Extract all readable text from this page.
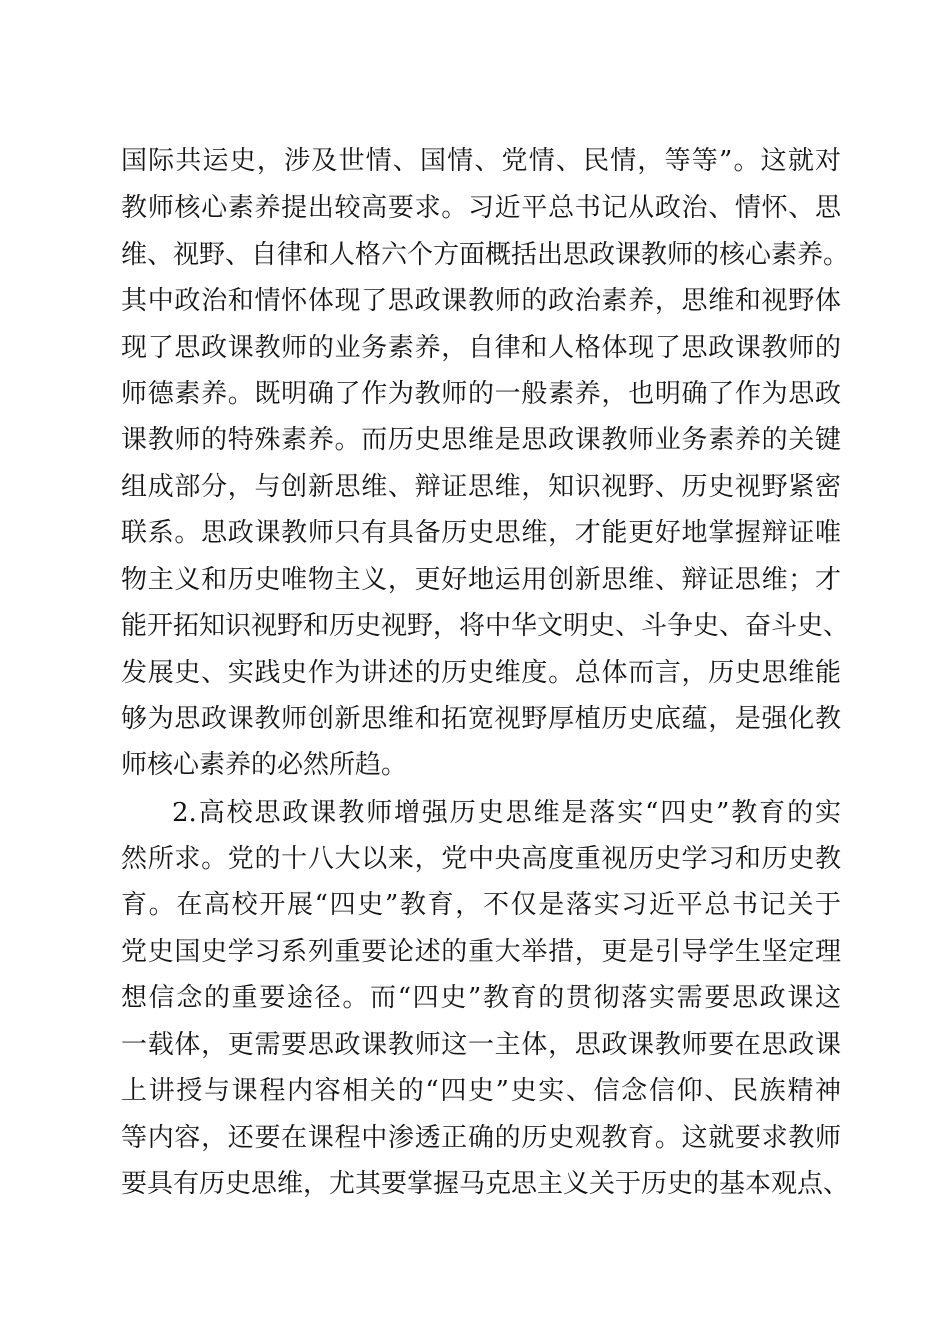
国际共运史，涉及世情、国情、党情、民情，等等”。这就对
教师核心素养提出较高要求。习近平总书记从政治、情怀、思
维、视野、自律和人格六个方面概括出思政课教师的核心素养。
其中政治和情怀体现了思政课教师的政治素养，思维和视野体
现了思政课教师的业务素养，自律和人格体现了思政课教师的
师德素养。既明确了作为教师的一般素养，也明确了作为思政
课教师的特殊素养。而历史思维是思政课教师业务素养的关键
组成部分，与创新思维、辩证思维，知识视野、历史视野紧密
联系。思政课教师只有具备历史思维，才能更好地掌握辩证唯
物主义和历史唯物主义，更好地运用创新思维、辩证思维；才
能开拓知识视野和历史视野，将中华文明史、斗争史、奋斗史、
发展史、实践史作为讲述的历史维度。总体而言，历史思维能
够为思政课教师创新思维和拓宽视野厚植历史底蕴，是强化教
师核心素养的必然所趋。
2.高校思政课教师增强历史思维是落实“四史”教育的实
然所求。党的十八大以来，党中央高度重视历史学习和历史教
育。在高校开展“四史”教育，不仅是落实习近平总书记关于
党史国史学习系列重要论述的重大举措，更是引导学生坚定理
想信念的重要途径。而“四史”教育的贯彻落实需要思政课这
一载体，更需要思政课教师这一主体，思政课教师要在思政课
上讲授与课程内容相关的“四史”史实、信念信仰、民族精神
等内容，还要在课程中渗透正确的历史观教育。这就要求教师
要具有历史思维，尤其要掌握马克思主义关于历史的基本观点、
